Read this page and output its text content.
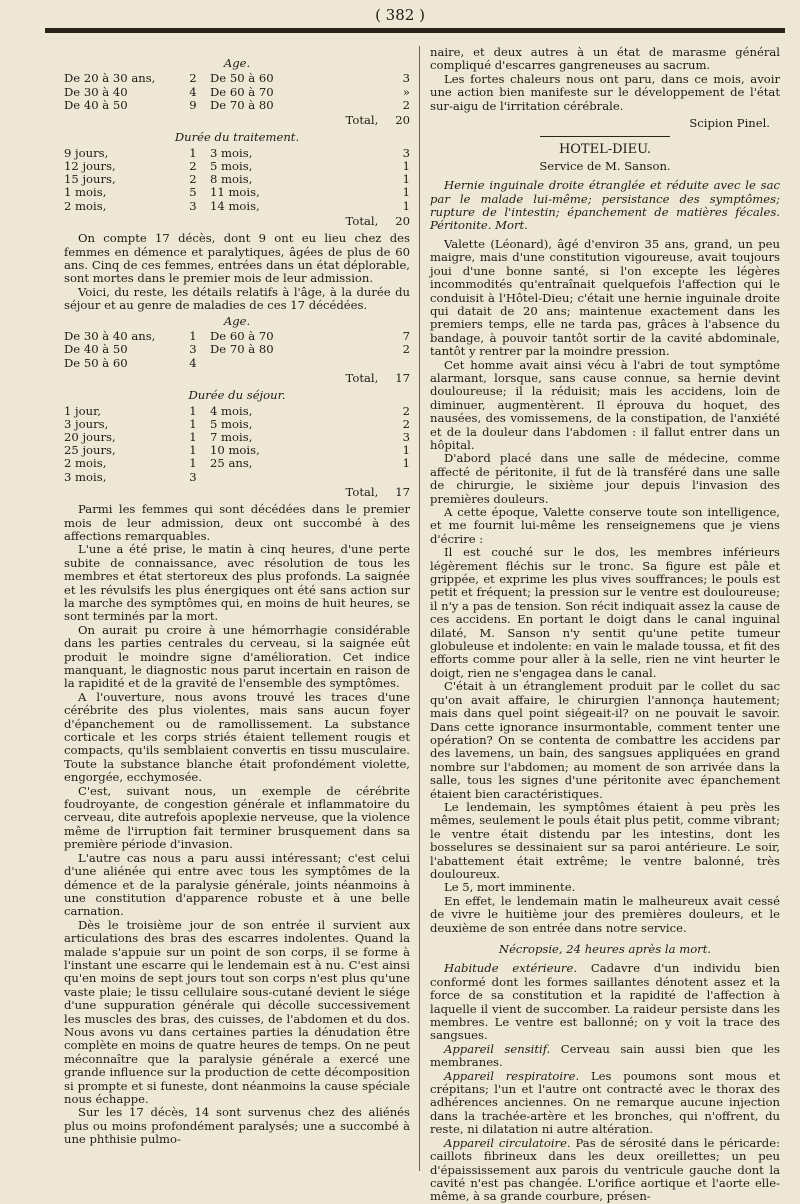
( 382 )
Age.
De 20 à 30 ans,	2	De 50 à 60	3
De 30 à 40	4	De 60 à 70	»
De 40 à 50	9	De 70 à 80	2
Total, 20
Durée du traitement.
9 jours,	1	3 mois,	3
12 jours,	2	5 mois,	1
15 jours,	2	8 mois,	1
1 mois,	5	11 mois,	1
2 mois,	3	14 mois,	1
Total, 20

On compte 17 décès, dont 9 ont eu lieu chez des femmes en démence et paralytiques, âgées de plus de 60 ans. Cinq de ces femmes, entrées dans un état déplorable, sont mortes dans le premier mois de leur admission.

Voici, du reste, les détails relatifs à l'âge, à la durée du séjour et au genre de maladies de ces 17 décédées.

Age.
De 30 à 40 ans,	1	De 60 à 70	7
De 40 à 50	3	De 70 à 80	2
De 50 à 60	4		
Total, 17
Durée du séjour.
1 jour,	1	4 mois,	2
3 jours,	1	5 mois,	2
20 jours,	1	7 mois,	3
25 jours,	1	10 mois,	1
2 mois,	1	25 ans,	1
3 mois,	3		
Total, 17

Parmi les femmes qui sont décédées dans le premier mois de leur admission, deux ont succombé à des affections remarquables.

L'une a été prise, le matin à cinq heures, d'une perte subite de connaissance, avec résolution de tous les membres et état stertoreux des plus profonds. La saignée et les révulsifs les plus énergiques ont été sans action sur la marche des symptômes qui, en moins de huit heures, se sont terminés par la mort.

On aurait pu croire à une hémorrhagie considérable dans les parties centrales du cerveau, si la saignée eût produit le moindre signe d'amélioration. Cet indice manquant, le diagnostic nous parut incertain en raison de la rapidité et de la gravité de l'ensemble des symptômes.

A l'ouverture, nous avons trouvé les traces d'une cérébrite des plus violentes, mais sans aucun foyer d'épanchement ou de ramollissement. La substance corticale et les corps striés étaient tellement rougis et compacts, qu'ils semblaient convertis en tissu musculaire. Toute la substance blanche était profondément violette, engorgée, ecchymosée.

C'est, suivant nous, un exemple de cérébrite foudroyante, de congestion générale et inflammatoire du cerveau, dite autrefois apoplexie nerveuse, que la violence même de l'irruption fait terminer brusquement dans sa première période d'invasion.

L'autre cas nous a paru aussi intéressant; c'est celui d'une aliénée qui entre avec tous les symptômes de la démence et de la paralysie générale, joints néanmoins à une constitution d'apparence robuste et à une belle carnation.

Dès le troisième jour de son entrée il survient aux articulations des bras des escarres indolentes. Quand la malade s'appuie sur un point de son corps, il se forme à l'instant une escarre qui le lendemain est à nu. C'est ainsi qu'en moins de sept jours tout son corps n'est plus qu'une vaste plaie; le tissu cellulaire sous-cutané devient le siége d'une suppuration générale qui décolle successivement les muscles des bras, des cuisses, de l'abdomen et du dos. Nous avons vu dans certaines parties la dénudation être complète en moins de quatre heures de temps. On ne peut méconnaître que la paralysie générale a exercé une grande influence sur la production de cette décomposition si prompte et si funeste, dont néanmoins la cause spéciale nous échappe.

Sur les 17 décès, 14 sont survenus chez des aliénés plus ou moins profondément paralysés; une a succombé à une phthisie pulmo-

naire, et deux autres à un état de marasme général compliqué d'escarres gangreneuses au sacrum.

Les fortes chaleurs nous ont paru, dans ce mois, avoir une action bien manifeste sur le développement de l'état sur-aigu de l'irritation cérébrale.

Scipion Pinel.
HOTEL-DIEU.
Service de M. Sanson.

Hernie inguinale droite étranglée et réduite avec le sac par le malade lui-même; persistance des symptômes; rupture de l'intestin; épanchement de matières fécales. Péritonite. Mort.

Valette (Léonard), âgé d'environ 35 ans, grand, un peu maigre, mais d'une constitution vigoureuse, avait toujours joui d'une bonne santé, si l'on excepte les légères incommodités qu'entraînait quelquefois l'affection qui le conduisit à l'Hôtel-Dieu; c'était une hernie inguinale droite qui datait de 20 ans; maintenue exactement dans les premiers temps, elle ne tarda pas, grâces à l'absence du bandage, à pouvoir tantôt sortir de la cavité abdominale, tantôt y rentrer par la moindre pression.

Cet homme avait ainsi vécu à l'abri de tout symptôme alarmant, lorsque, sans cause connue, sa hernie devint douloureuse; il la réduisit; mais les accidens, loin de diminuer, augmentèrent. Il éprouva du hoquet, des nausées, des vomissemens, de la constipation, de l'anxiété et de la douleur dans l'abdomen : il fallut entrer dans un hôpital.

D'abord placé dans une salle de médecine, comme affecté de péritonite, il fut de là transféré dans une salle de chirurgie, le sixième jour depuis l'invasion des premières douleurs.

A cette époque, Valette conserve toute son intelligence, et me fournit lui-même les renseignemens que je viens d'écrire :

Il est couché sur le dos, les membres inférieurs légèrement fléchis sur le tronc. Sa figure est pâle et grippée, et exprime les plus vives souffrances; le pouls est petit et fréquent; la pression sur le ventre est douloureuse; il n'y a pas de tension. Son récit indiquait assez la cause de ces accidens. En portant le doigt dans le canal inguinal dilaté, M. Sanson n'y sentit qu'une petite tumeur globuleuse et indolente: en vain le malade toussa, et fit des efforts comme pour aller à la selle, rien ne vint heurter le doigt, rien ne s'engagea dans le canal.

C'était à un étranglement produit par le collet du sac qu'on avait affaire, le chirurgien l'annonça hautement; mais dans quel point siégeait-il? on ne pouvait le savoir. Dans cette ignorance insurmontable, comment tenter une opération? On se contenta de combattre les accidens par des lavemens, un bain, des sangsues appliquées en grand nombre sur l'abdomen; au moment de son arrivée dans la salle, tous les signes d'une péritonite avec épanchement étaient bien caractéristiques.

Le lendemain, les symptômes étaient à peu près les mêmes, seulement le pouls était plus petit, comme vibrant; le ventre était distendu par les intestins, dont les bosselures se dessinaient sur sa paroi antérieure. Le soir, l'abattement était extrême; le ventre balonné, très douloureux.

Le 5, mort imminente.

En effet, le lendemain matin le malheureux avait cessé de vivre le huitième jour des premières douleurs, et le deuxième de son entrée dans notre service.

Nécropsie, 24 heures après la mort.

Habitude extérieure. Cadavre d'un individu bien conformé dont les formes saillantes dénotent assez et la force de sa constitution et la rapidité de l'affection à laquelle il vient de succomber. La raideur persiste dans les membres. Le ventre est ballonné; on y voit la trace des sangsues.

Appareil sensitif. Cerveau sain aussi bien que les membranes.

Appareil respiratoire. Les poumons sont mous et crépitans; l'un et l'autre ont contracté avec le thorax des adhérences anciennes. On ne remarque aucune injection dans la trachée-artère et les bronches, qui n'offrent, du reste, ni dilatation ni autre altération.

Appareil circulatoire. Pas de sérosité dans le péricarde: caillots fibrineux dans les deux oreillettes; un peu d'épaississement aux parois du ventricule gauche dont la cavité n'est pas changée. L'orifice aortique et l'aorte elle-même, à sa grande courbure, présen-
